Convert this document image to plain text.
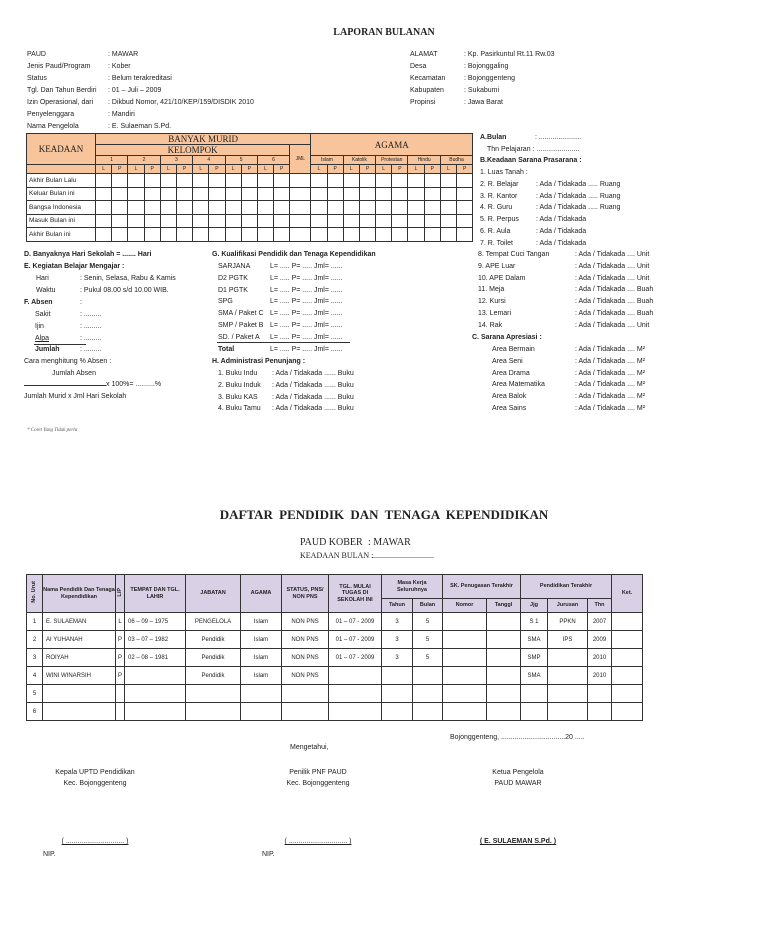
LAPORAN BULANAN
KEADAAN	BANYAK MURID													AGAMA									
	KELOMPOK												JML										
	1		2		3		4		5		6			Islam		Katolik		Protestan		Hindu		Budha	
	L	P	L	P	L	P	L	P	L	P	L	P		L	P	L	P	L	P	L	P	L	P
Akhir Bulan Lalu																							
Keluar Bulan ini																							
Bangsa Indonesia																							
Masuk Bulan ini																							
Akhir Bulan ini																							
A.Bulan	: ......................
Thn Pelajaran : ......................
B.Keadaan Sarana Prasarana :
1. Luas Tanah :
2. R. Belajar : Ada / Tidakada ..... Ruang
3. R. Kantor	: Ada / Tidakada ..... Ruang
4. R. Guru	: Ada / Tidakada ..... Ruang
5. R. Perpus : Ada / Tidakada
6. R. Aula	: Ada / Tidakada
7. R. Toilet	: Ada / Tidakada
8. Tempat Cuci Tangan	: Ada / Tidakada .... Unit
9. APE Luar	: Ada / Tidakada .... Unit
10. APE Dalam	: Ada / Tidakada .... Unit
11. Meja	: Ada / Tidakada .... Buah
12. Kursi	: Ada / Tidakada .... Buah
13. Lemari	: Ada / Tidakada .... Buah
14. Rak	: Ada / Tidakada .... Unit
C. Sarana Apresiasi :
Area Bermain	: Ada / Tidakada .... M²
Area Seni	: Ada / Tidakada .... M²
Area Drama	: Ada / Tidakada .... M²
Area Matematika	: Ada / Tidakada .... M²
Area Balok	: Ada / Tidakada .... M²
Area Sains	: Ada / Tidakada .... M²
D. Banyaknya Hari Sekolah = ....... Hari
E. Kegiatan Belajar Mengajar :
Hari	: Senin, Selasa, Rabu & Kamis
Waktu	: Pukul 08.00 s/d 10.00 WIB.
F. Absen	:
Sakit	: .........
Ijin	: .........
Alpa	: .........
Jumlah	: .........
Cara menghitung % Absen :
Jumlah Absen
x 100%= ..........%
Jumlah Murid x Jml Hari Sekolah
G. Kualifikasi Pendidik dan Tenaga Kependidikan
SARJANA	L= ..... P= ..... Jml= ......
D2 PGTK	L= ..... P= ..... Jml= ......
D1 PGTK	L= ..... P= ..... Jml= ......
SPG	L= ..... P= ..... Jml= ......
SMA / Paket C L= ..... P= ..... Jml= ......
SMP / Paket B L= ..... P= ..... Jml= ......
SD. / Paket A L= ..... P= ..... Jml= ......
Total	L= ..... P= ..... Jml= ......
H. Administrasi Penunjang :
1. Buku Indu : Ada / Tidakada ...... Buku
2. Buku Induk : Ada / Tidakada ...... Buku
3. Buku KAS : Ada / Tidakada ...... Buku
4. Buku Tamu : Ada / Tidakada ...... Buku
* Coret Yang Tidak perlu
DAFTAR PENDIDIK DAN TENAGA KEPENDIDIKAN
PAUD KOBER : MAWAR
KEADAAN BULAN :
...............................
No. Urut	Nama Pendidik Dan Tenaga Kependidikan	L/P	TEMPAT DAN TGL. LAHIR	JABATAN	AGAMA	STATUS, PNS/ NON PNS	TGL. MULAI TUGAS DI SEKOLAH INI	Masa Kerja Seluruhnya		SK. Penugasan Terakhir		Pendidikan Terakhir			Ket.
								Tahun	Bulan	Nomor	Tanggl	Jjg	Jurusan	Thn	
1	E. SULAEMAN	L	06 – 09 – 1975	PENGELOLA	Islam	NON PNS	01 – 07 - 2009	3	5			S 1	PPKN	2007	
2	AI YUHANAH	P	03 – 07 – 1982	Pendidik	Islam	NON PNS	01 – 07 - 2009	3	5			SMA	IPS	2009	
3	ROIYAH	P	02 – 08 – 1981	Pendidik	Islam	NON PNS	01 – 07 - 2009	3	5			SMP		2010	
4	WINI WINARSIH	P		Pendidik	Islam	NON PNS						SMA		2010	
5															
6															
Bojonggenteng, .................................20 .....
Mengetahui,
Kepala UPTD Pendidikan
Kec. Bojonggenteng
( .............................. )
NIP.
Penilik PNF PAUD
Kec. Bojonggenteng
( .............................. )
NIP.
Ketua Pengelola
PAUD MAWAR
( E. SULAEMAN S.Pd. )
PAUD	: MAWAR
Jenis Paud/Program	: Kober
Status	: Belum terakreditasi
Tgl. Dan Tahun Berdiri : 01 – Juli – 2009
Izin Operasional, dari : Dikbud Nomor, 421/10/KEP/159/DISDIK 2010
Penyelenggara	: Mandiri
Nama Pengelola	: E. Sulaeman S.Pd.
ALAMAT	: Kp. Pasirkuntul Rt.11 Rw.03
Desa	: Bojonggaling
Kecamatan	: Bojonggenteng
Kabupaten	: Sukabumi
Propinsi	: Jawa Barat
